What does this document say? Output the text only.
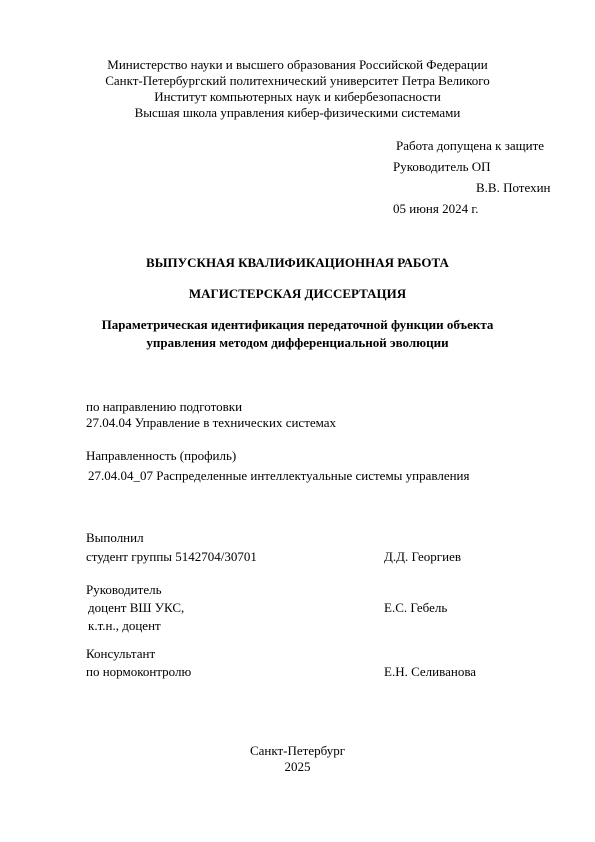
Министерство науки и высшего образования Российской Федерации
Санкт-Петербургский политехнический университет Петра Великого
Институт компьютерных наук и кибербезопасности
Высшая школа управления кибер-физическими системами
Работа допущена к защите
Руководитель ОП
В.В. Потехин
05 июня 2024 г.
ВЫПУСКНАЯ КВАЛИФИКАЦИОННАЯ РАБОТА
МАГИСТЕРСКАЯ ДИССЕРТАЦИЯ
Параметрическая идентификация передаточной функции объекта
управления методом дифференциальной эволюции
по направлению подготовки
27.04.04 Управление в технических системах
Направленность (профиль)
27.04.04_07 Распределенные интеллектуальные системы управления
Выполнил
студент группы 5142704/30701	Д.Д. Георгиев
Руководитель
доцент ВШ УКС,	Е.С. Гебель
к.т.н., доцент
Консультант
по нормоконтролю	Е.Н. Селиванова
Санкт-Петербург
2025
